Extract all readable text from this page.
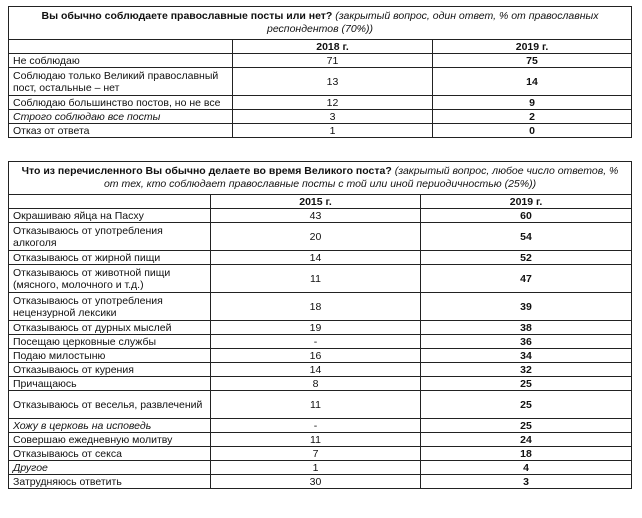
Вы обычно соблюдаете православные посты или нет? (закрытый вопрос, один ответ, % от православных респондентов (70%))		
	2018 г.	2019 г.
Не соблюдаю	71	75
Соблюдаю только Великий православный пост, остальные – нет	13	14
Соблюдаю большинство постов, но не все	12	9
Строго соблюдаю все посты	3	2
Отказ от ответа	1	0
Что из перечисленного Вы обычно делаете во время Великого поста? (закрытый вопрос, любое число ответов, % от тех, кто соблюдает православные посты с той или иной периодичностью (25%))		
	2015 г.	2019 г.
Окрашиваю яйца на Пасху	43	60
Отказываюсь от употребления алкоголя	20	54
Отказываюсь от жирной пищи	14	52
Отказываюсь от животной пищи (мясного, молочного и т.д.)	11	47
Отказываюсь от употребления нецензурной лексики	18	39
Отказываюсь от дурных мыслей	19	38
Посещаю церковные службы	-	36
Подаю милостыню	16	34
Отказываюсь от курения	14	32
Причащаюсь	8	25
Отказываюсь от веселья, развлечений	11	25
Хожу в церковь на исповедь	-	25
Совершаю ежедневную молитву	11	24
Отказываюсь от секса	7	18
Другое	1	4
Затрудняюсь ответить	30	3
